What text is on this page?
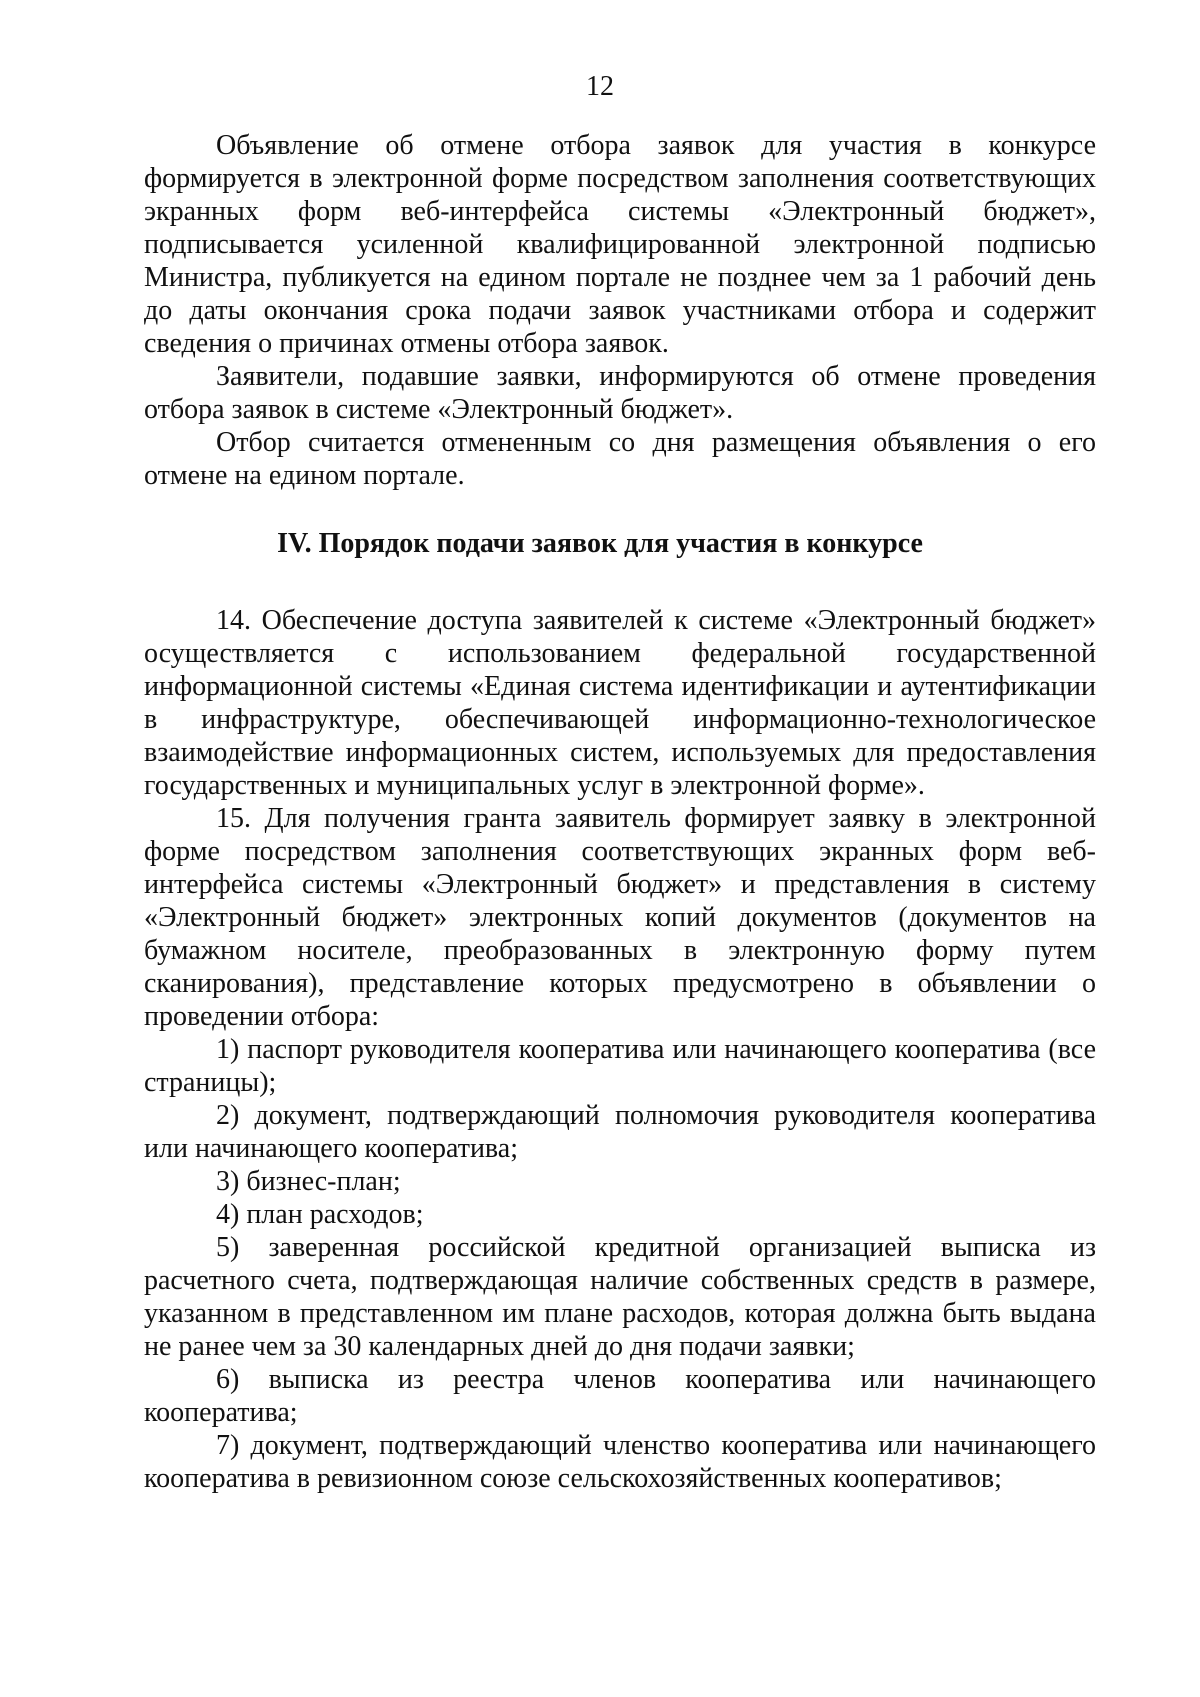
12

Объявление об отмене отбора заявок для участия в конкурсе формируется в электронной форме посредством заполнения соответствующих экранных форм веб-интерфейса системы «Электронный бюджет», подписывается усиленной квалифицированной электронной подписью Министра, публикуется на едином портале не позднее чем за 1 рабочий день до даты окончания срока подачи заявок участниками отбора и содержит сведения о причинах отмены отбора заявок.

Заявители, подавшие заявки, информируются об отмене проведения отбора заявок в системе «Электронный бюджет».

Отбор считается отмененным со дня размещения объявления о его отмене на едином портале.

IV. Порядок подачи заявок для участия в конкурсе

14. Обеспечение доступа заявителей к системе «Электронный бюджет» осуществляется с использованием федеральной государственной информационной системы «Единая система идентификации и аутентификации в инфраструктуре, обеспечивающей информационно-технологическое взаимодействие информационных систем, используемых для предоставления государственных и муниципальных услуг в электронной форме».

15. Для получения гранта заявитель формирует заявку в электронной форме посредством заполнения соответствующих экранных форм веб-интерфейса системы «Электронный бюджет» и представления в систему «Электронный бюджет» электронных копий документов (документов на бумажном носителе, преобразованных в электронную форму путем сканирования), представление которых предусмотрено в объявлении о проведении отбора:

1) паспорт руководителя кооператива или начинающего кооператива (все страницы);

2) документ, подтверждающий полномочия руководителя кооператива или начинающего кооператива;

3) бизнес-план;

4) план расходов;

5) заверенная российской кредитной организацией выписка из расчетного счета, подтверждающая наличие собственных средств в размере, указанном в представленном им плане расходов, которая должна быть выдана не ранее чем за 30 календарных дней до дня подачи заявки;

6) выписка из реестра членов кооператива или начинающего кооператива;

7) документ, подтверждающий членство кооператива или начинающего кооператива в ревизионном союзе сельскохозяйственных кооперативов;
